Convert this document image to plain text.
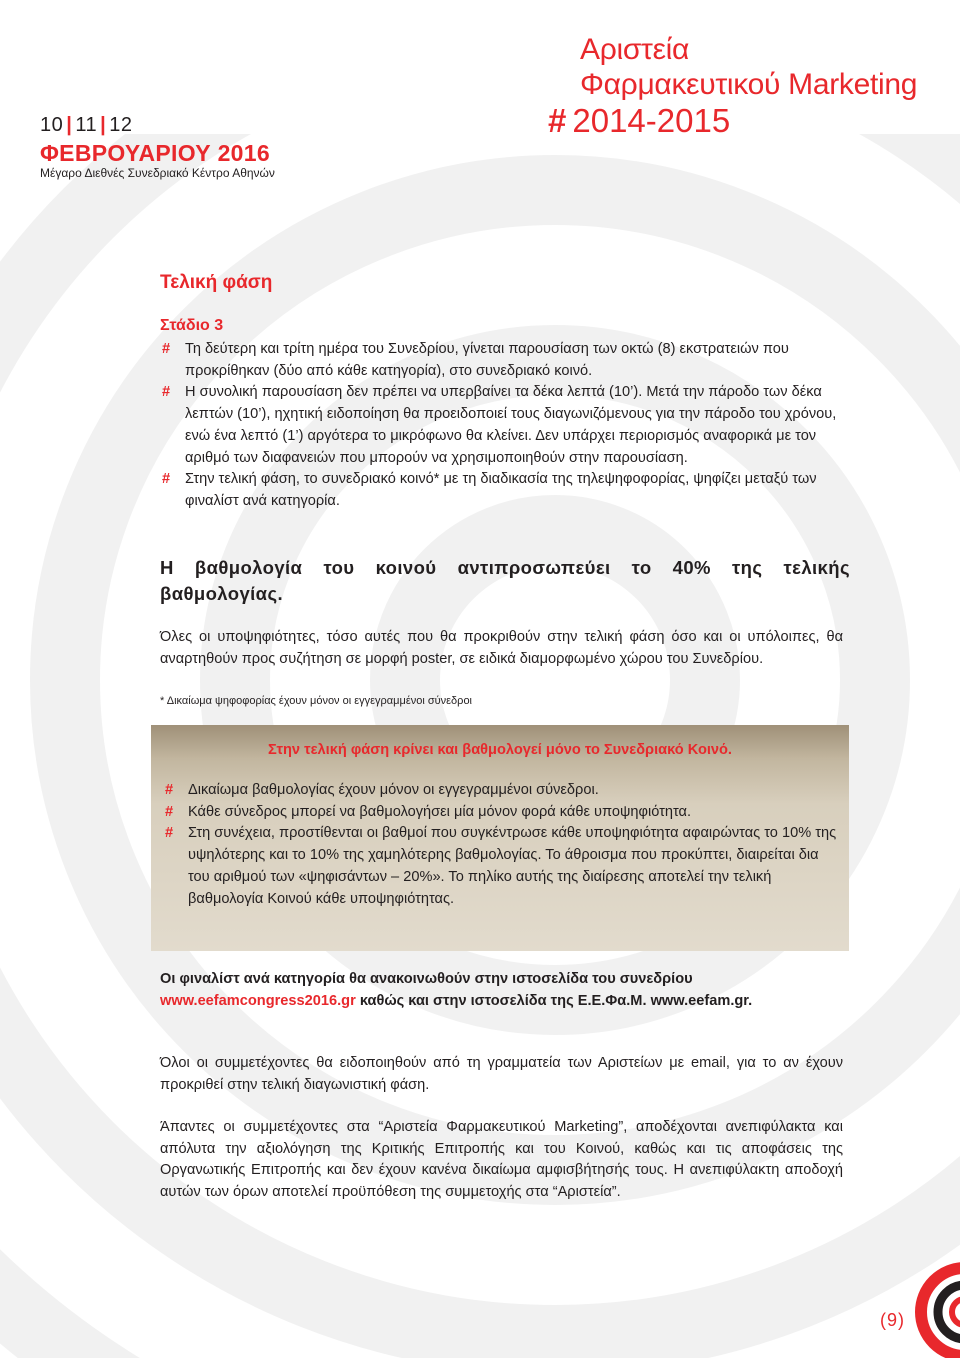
10 | 11 | 12
ΦΕΒΡΟΥΑΡΙΟΥ 2016
Μέγαρο Διεθνές Συνεδριακό Κέντρο Αθηνών
Αριστεία
Φαρμακευτικού Marketing
# 2014-2015
Τελική φάση
Στάδιο 3
# Τη δεύτερη και τρίτη ημέρα του Συνεδρίου, γίνεται παρουσίαση των οκτώ (8) εκστρατειών που προκρίθηκαν (δύο από κάθε κατηγορία), στο συνεδριακό κοινό.
# Η συνολική παρουσίαση δεν πρέπει να υπερβαίνει τα δέκα λεπτά (10’). Μετά την πάροδο των δέκα λεπτών (10’), ηχητική ειδοποίηση θα προειδοποιεί τους διαγωνιζόμενους για την πάροδο του χρόνου, ενώ ένα λεπτό (1’) αργότερα το μικρόφωνο θα κλείνει. Δεν υπάρχει περιορισμός αναφορικά με τον αριθμό των διαφανειών που μπορούν να χρησιμοποιηθούν στην παρουσίαση.
# Στην τελική φάση, το συνεδριακό κοινό* με τη διαδικασία της τηλεψηφοφορίας, ψηφίζει μεταξύ των φιναλίστ ανά κατηγορία.

Η βαθμολογία του κοινού αντιπροσωπεύει το 40% της τελικής βαθμολογίας.

Όλες οι υποψηφιότητες, τόσο αυτές που θα προκριθούν στην τελική φάση όσο και οι υπόλοιπες, θα αναρτηθούν προς συζήτηση σε μορφή poster, σε ειδικά διαμορφωμένο χώρου του Συνεδρίου.

* Δικαίωμα ψηφοφορίας έχουν μόνον οι εγγεγραμμένοι σύνεδροι

Στην τελική φάση κρίνει και βαθμολογεί μόνο το Συνεδριακό Κοινό.

# Δικαίωμα βαθμολογίας έχουν μόνον οι εγγεγραμμένοι σύνεδροι.
# Κάθε σύνεδρος μπορεί να βαθμολογήσει μία μόνον φορά κάθε υποψηφιότητα.
# Στη συνέχεια, προστίθενται οι βαθμοί που συγκέντρωσε κάθε υποψηφιότητα αφαιρώντας το 10% της υψηλότερης και το 10% της χαμηλότερης βαθμολογίας. Το άθροισμα που προκύπτει, διαιρείται δια του αριθμού των «ψηφισάντων – 20%». Το πηλίκο αυτής της διαίρεσης αποτελεί την τελική βαθμολογία Κοινού κάθε υποψηφιότητας.

Οι φιναλίστ ανά κατηγορία θα ανακοινωθούν στην ιστοσελίδα του συνεδρίου www.eefamcongress2016.gr καθώς και στην ιστοσελίδα της Ε.Ε.Φα.Μ. www.eefam.gr.

Όλοι οι συμμετέχοντες θα ειδοποιηθούν από τη γραμματεία των Αριστείων με email, για το αν έχουν προκριθεί στην τελική διαγωνιστική φάση.

Άπαντες οι συμμετέχοντες στα “Αριστεία Φαρμακευτικού Marketing”, αποδέχονται ανεπιφύλακτα και απόλυτα την αξιολόγηση της Κριτικής Επιτροπής και του Κοινού, καθώς και τις αποφάσεις της Οργανωτικής Επιτροπής και δεν έχουν κανένα δικαίωμα αμφισβήτησής τους. Η ανεπιφύλακτη αποδοχή αυτών των όρων αποτελεί προϋπόθεση της συμμετοχής στα “Αριστεία”.

(9)
